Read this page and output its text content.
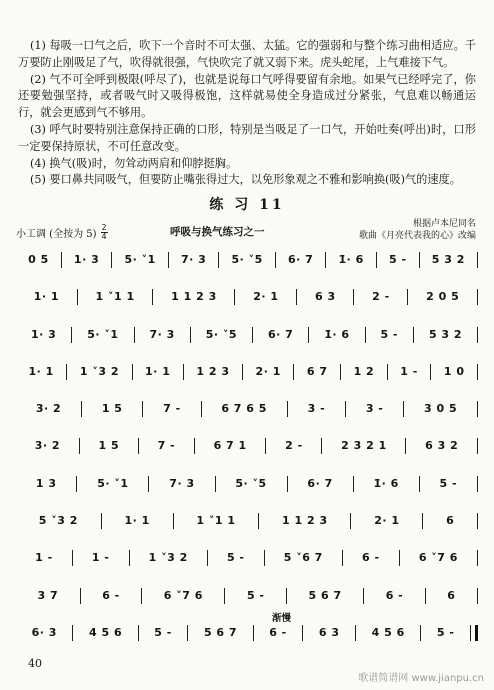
(1) 每吸一口气之后，吹下一个音时不可太强、太猛。它的强弱和与整个练习曲相适应。千万要防止刚吸足了气，吹得就很强，气快吹完了就又弱下来。虎头蛇尾，上气难接下气。

(2) 气不可全呼到极限(呼尽了)，也就是说每口气呼得要留有余地。如果气已经呼完了，你还要勉强坚持，或者吸气时又吸得极饱，这样就易使全身造成过分紧张，气息难以畅通运行，就会更感到气不够用。

(3) 呼气时要特别注意保持正确的口形，特别是当吸足了一口气，开始吐奏(呼出)时，口形一定要保持原状，不可任意改变。

(4) 换气(吸)时，勿耸动两肩和仰脖挺胸。

(5) 要口鼻共同吸气，但要防止嘴张得过大，以免形象观之不雅和影响换(吸)气的速度。

练 习 11
小工调 (全按为 5)
2
4	呼吸与换气练习之一
根据卢本尼同名
歌曲《月亮代表我的心》改编
0 5	1· 3	5· ˅1	7· 3	5· ˅5	6· 7	1̇· 6	5 -	5 3 2
1· 1	1 ˅1 1	1 1 2 3	2· 1	6 3	2 -	2 0 5
1· 3	5· ˅1	7· 3	5· ˅5	6· 7	1̇· 6	5 -	5 3 2
1· 1	1 ˅3 2	1· 1	1 2 3	2· 1	6 7	1 2	1 -	1 0
3· 2	1 5	7 -	6 7 6 5	3 -	3 -	3 0 5
3· 2	1 5	7 -	6 7 1	2 -	2 3 2 1	6 3 2
1 3	5· ˅1	7· 3	5· ˅5	6· 7	1̇· 6	5 -
5 ˅3 2	1· 1	1 ˅1 1	1 1 2 3	2· 1	6
1 -	1 -	1 ˅3 2	5 -	5 ˅6 7	6 -	6 ˅7 6
3 7	6 -	6 ˅7 6	5 -	5 6 7	6 -	6
6· 3	4 5 6	5 -	5 6 7	6 -	6 3	4 5 6	5 -
渐慢
40
歌谱简谱网 www.jianpu.cn
